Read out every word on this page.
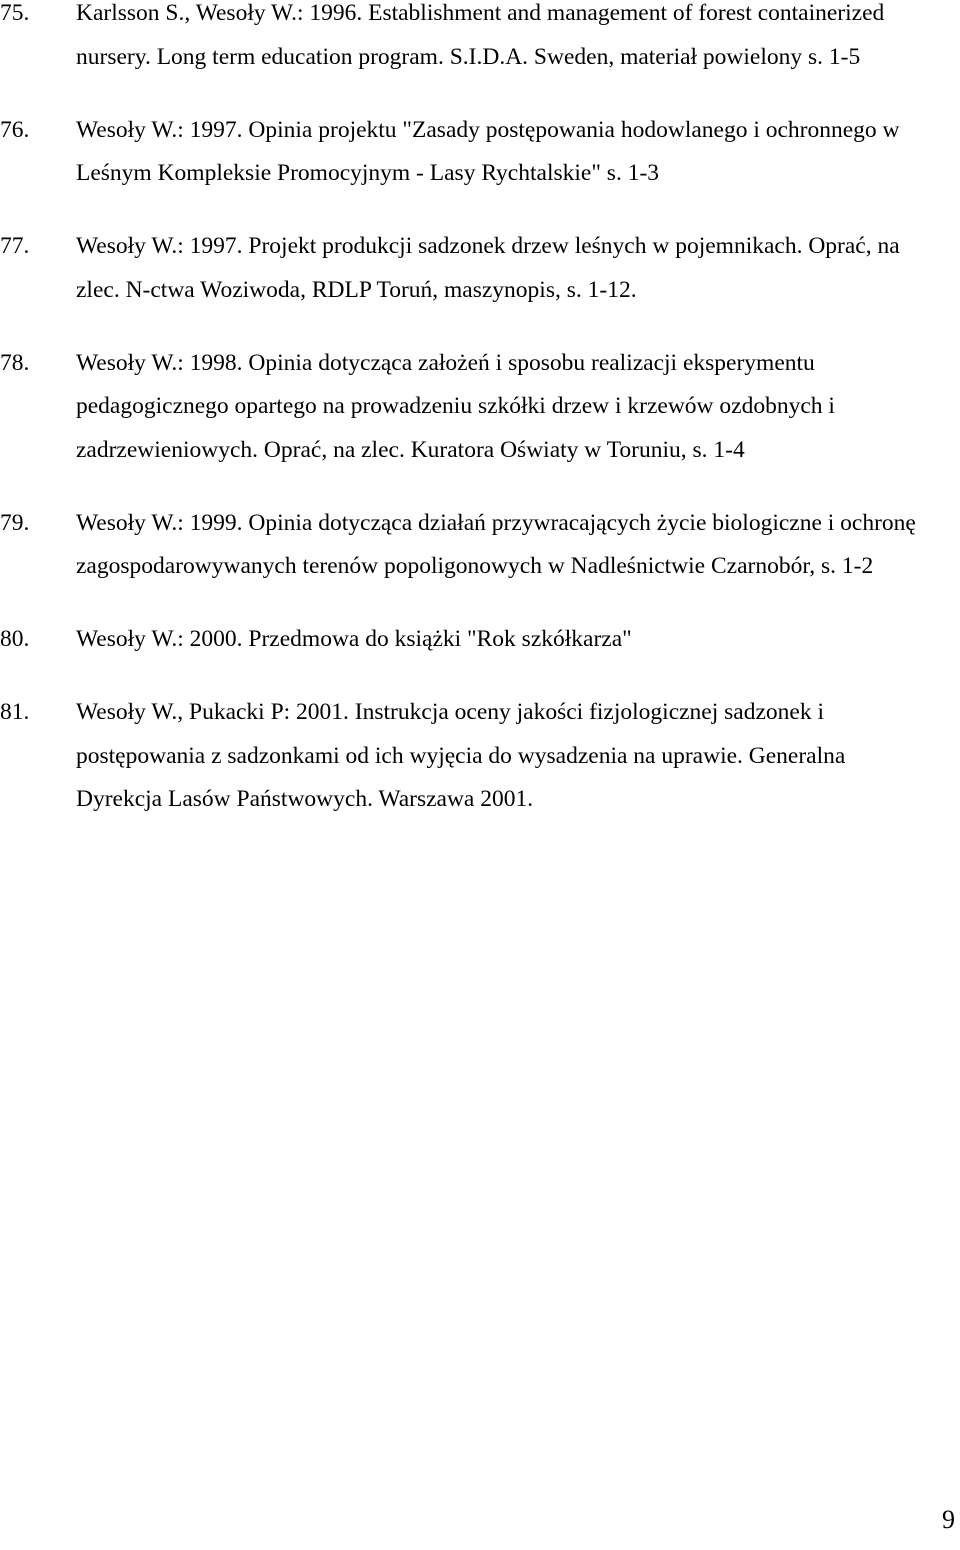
75.	Karlsson S., Wesoły W.: 1996. Establishment and management of forest containerized
nursery. Long term education program. S.I.D.A. Sweden, materiał powielony s. 1-5
76.	Wesoły W.: 1997. Opinia projektu "Zasady postępowania hodowlanego i ochronnego w
Leśnym Kompleksie Promocyjnym - Lasy Rychtalskie" s. 1-3
77.	Wesoły W.: 1997. Projekt produkcji sadzonek drzew leśnych w pojemnikach. Oprać, na
zlec. N-ctwa Woziwoda, RDLP Toruń, maszynopis, s. 1-12.
78.	Wesoły W.: 1998. Opinia dotycząca założeń i sposobu realizacji eksperymentu
pedagogicznego opartego na prowadzeniu szkółki drzew i krzewów ozdobnych i
zadrzewieniowych. Oprać, na zlec. Kuratora Oświaty w Toruniu, s. 1-4
79.	Wesoły W.: 1999. Opinia dotycząca działań przywracających życie biologiczne i ochronę
zagospodarowywanych terenów popoligonowych w Nadleśnictwie Czarnobór, s. 1-2
80.	Wesoły W.: 2000. Przedmowa do książki "Rok szkółkarza"
81.	Wesoły W., Pukacki P: 2001. Instrukcja oceny jakości fizjologicznej sadzonek i
postępowania z sadzonkami od ich wyjęcia do wysadzenia na uprawie. Generalna
Dyrekcja Lasów Państwowych. Warszawa 2001.
9
